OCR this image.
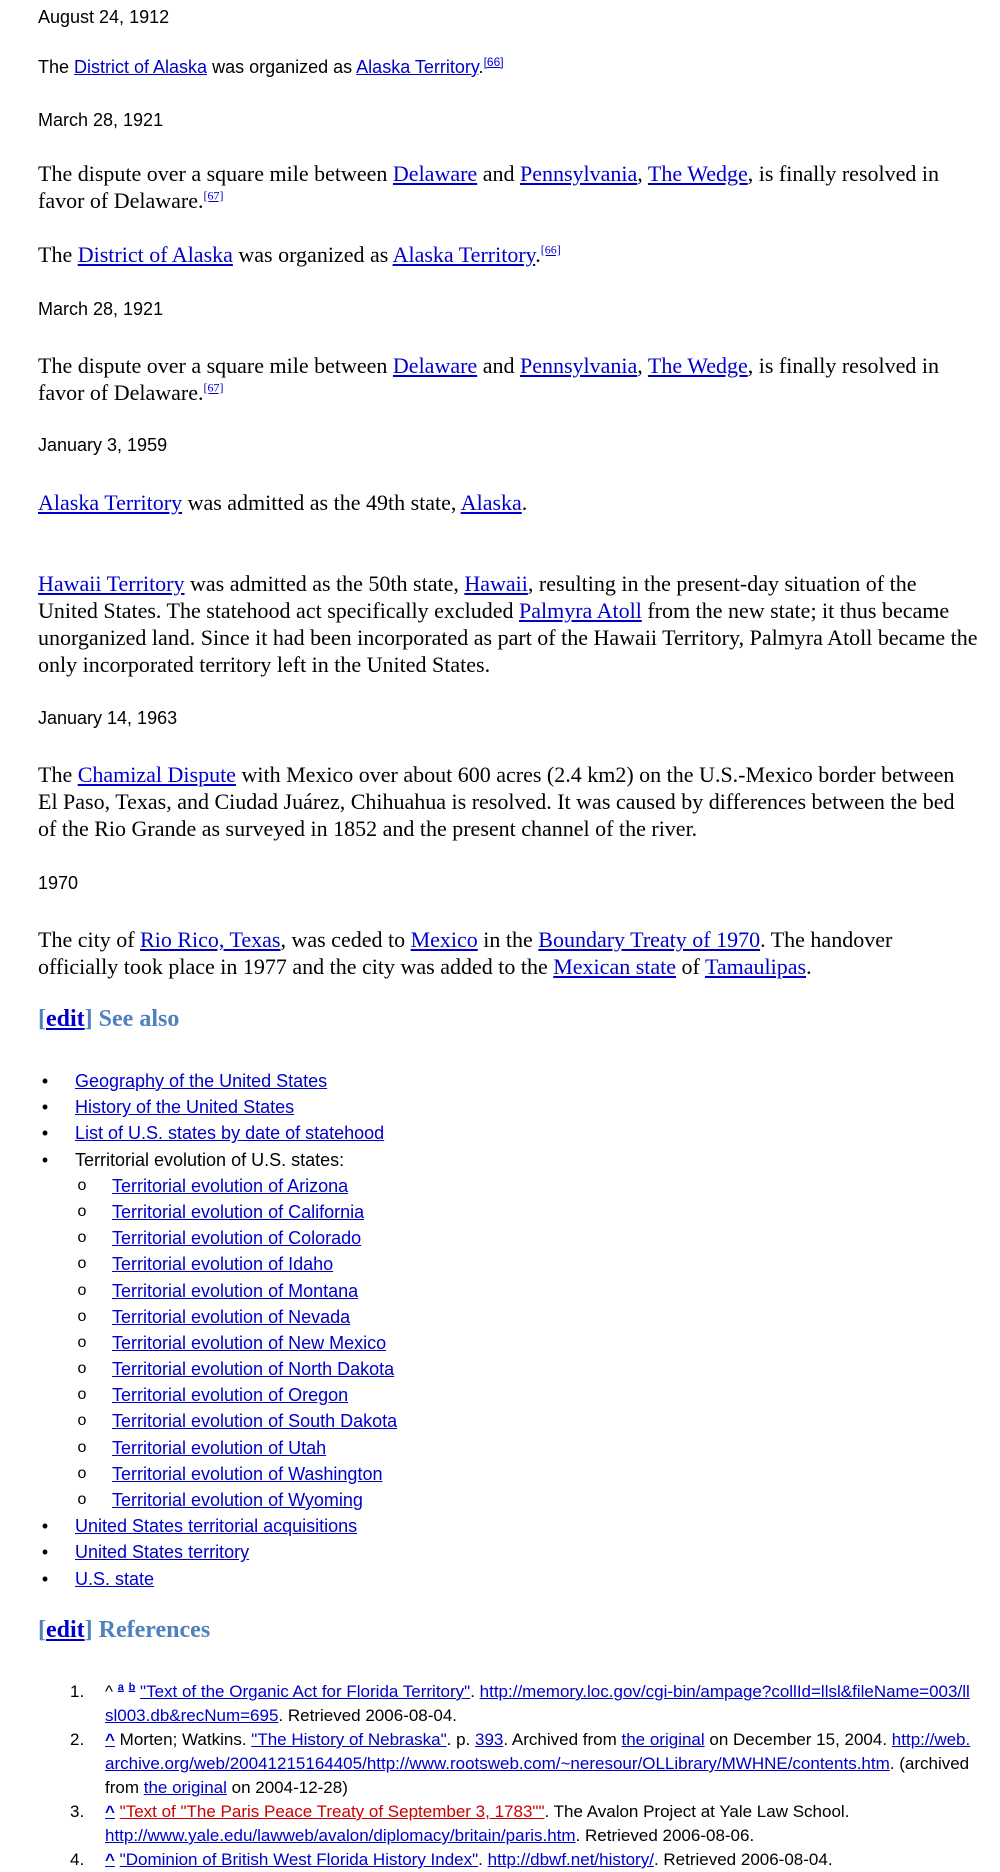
August 24, 1912

The District of Alaska was organized as Alaska Territory.[66]

March 28, 1921

The dispute over a square mile between Delaware and Pennsylvania, The Wedge, is finally resolved in favor of Delaware.[67]

The District of Alaska was organized as Alaska Territory.[66]

March 28, 1921

The dispute over a square mile between Delaware and Pennsylvania, The Wedge, is finally resolved in favor of Delaware.[67]

January 3, 1959

Alaska Territory was admitted as the 49th state, Alaska.

Hawaii Territory was admitted as the 50th state, Hawaii, resulting in the present-day situation of the United States. The statehood act specifically excluded Palmyra Atoll from the new state; it thus became unorganized land. Since it had been incorporated as part of the Hawaii Territory, Palmyra Atoll became the only incorporated territory left in the United States.

January 14, 1963

The Chamizal Dispute with Mexico over about 600 acres (2.4 km2) on the U.S.-Mexico border between El Paso, Texas, and Ciudad Juárez, Chihuahua is resolved. It was caused by differences between the bed of the Rio Grande as surveyed in 1852 and the present channel of the river.

1970

The city of Rio Rico, Texas, was ceded to Mexico in the Boundary Treaty of 1970. The handover officially took place in 1977 and the city was added to the Mexican state of Tamaulipas.

[edit] See also
• Geography of the United States
• History of the United States
• List of U.S. states by date of statehood
• Territorial evolution of U.S. states:
o Territorial evolution of Arizona
o Territorial evolution of California
o Territorial evolution of Colorado
o Territorial evolution of Idaho
o Territorial evolution of Montana
o Territorial evolution of Nevada
o Territorial evolution of New Mexico
o Territorial evolution of North Dakota
o Territorial evolution of Oregon
o Territorial evolution of South Dakota
o Territorial evolution of Utah
o Territorial evolution of Washington
o Territorial evolution of Wyoming
• United States territorial acquisitions
• United States territory
• U.S. state
[edit] References
1. ^ $^a$ $^b$ "Text of the Organic Act for Florida Territory". http://memory.loc.gov/cgi-bin/ampage?collId=llsl&fileName=003/llsl003.db&recNum=695. Retrieved 2006-08-04.
2. ^ Morten; Watkins. "The History of Nebraska". p. 393. Archived from the original on December 15, 2004. http://web.archive.org/web/20041215164405/http://www.rootsweb.com/~neresour/OLLibrary/MWHNE/contents.htm. (archived from the original on 2004-12-28)
3. ^ "Text of "The Paris Peace Treaty of September 3, 1783"". The Avalon Project at Yale Law School. http://www.yale.edu/lawweb/avalon/diplomacy/britain/paris.htm. Retrieved 2006-08-06.
4. ^ "Dominion of British West Florida History Index". http://dbwf.net/history/. Retrieved 2006-08-04.
